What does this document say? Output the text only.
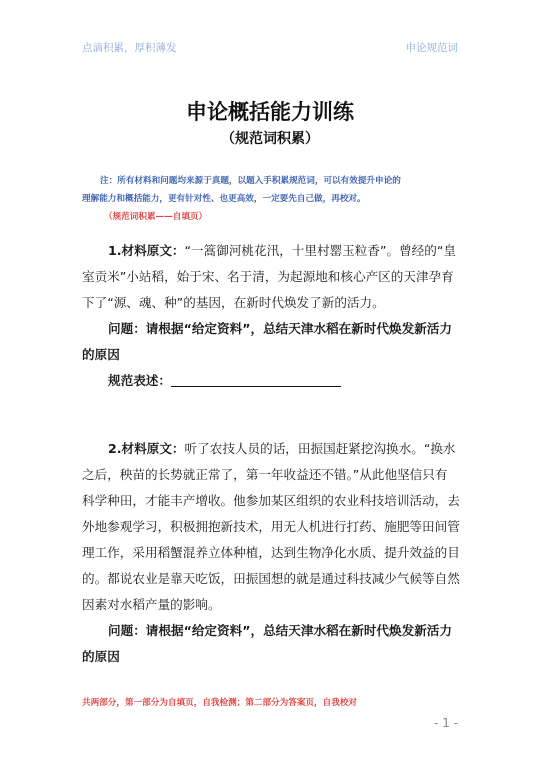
点滴积累，厚积薄发	申论规范词
申论概括能力训练
（规范词积累）
注：所有材料和问题均来源于真题，以题入手积累规范词，可以有效提升申论的
理解能力和概括能力，更有针对性、也更高效，一定要先自己做，再校对。
（规范词积累——自填页）

1.材料原文：“一篙御河桃花汛，十里村罂玉粒香”。曾经的“皇室贡米”小站稻，始于宋、名于清，为起源地和核心产区的天津孕育下了“源、魂、种”的基因，在新时代焕发了新的活力。

问题：请根据“给定资料”，总结天津水稻在新时代焕发新活力的原因

规范表述：

2.材料原文：听了农技人员的话，田振国赶紧挖沟换水。“换水之后，秧苗的长势就正常了，第一年收益还不错。”从此他坚信只有科学种田，才能丰产增收。他参加某区组织的农业科技培训活动，去外地参观学习，积极拥抱新技术，用无人机进行打药、施肥等田间管理工作，采用稻蟹混养立体种植，达到生物净化水质、提升效益的目的。都说农业是靠天吃饭，田振国想的就是通过科技减少气候等自然因素对水稻产量的影响。

问题：请根据“给定资料”，总结天津水稻在新时代焕发新活力的原因

共两部分，第一部分为自填页，自我检测；第二部分为答案页，自我校对
- 1 -
